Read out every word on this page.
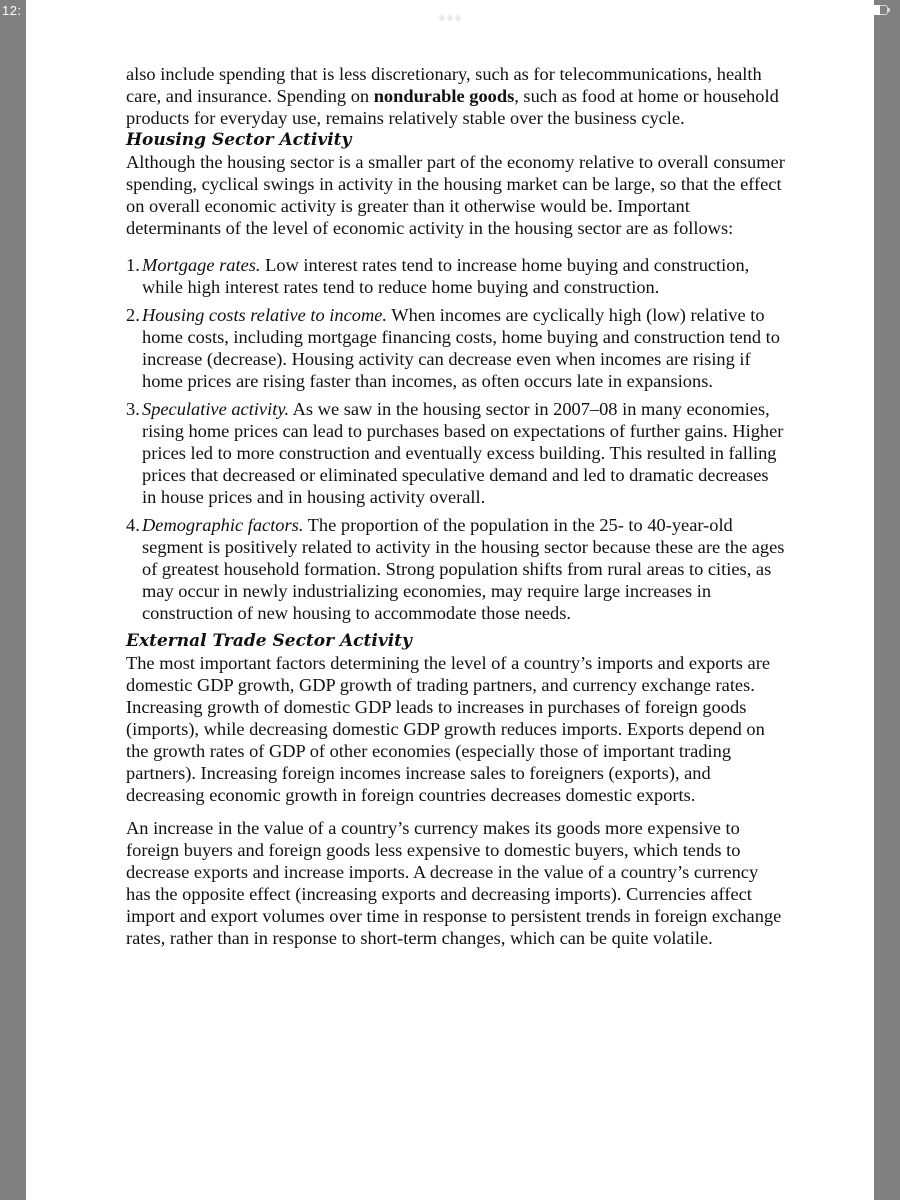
12:

also include spending that is less discretionary, such as for telecommunications, health care, and insurance. Spending on nondurable goods, such as food at home or household products for everyday use, remains relatively stable over the business cycle.

Housing Sector Activity

Although the housing sector is a smaller part of the economy relative to overall consumer spending, cyclical swings in activity in the housing market can be large, so that the effect on overall economic activity is greater than it otherwise would be. Important determinants of the level of economic activity in the housing sector are as follows:

1. Mortgage rates. Low interest rates tend to increase home buying and construction, while high interest rates tend to reduce home buying and construction.
2. Housing costs relative to income. When incomes are cyclically high (low) relative to home costs, including mortgage financing costs, home buying and construction tend to increase (decrease). Housing activity can decrease even when incomes are rising if home prices are rising faster than incomes, as often occurs late in expansions.
3. Speculative activity. As we saw in the housing sector in 2007–08 in many economies, rising home prices can lead to purchases based on expectations of further gains. Higher prices led to more construction and eventually excess building. This resulted in falling prices that decreased or eliminated speculative demand and led to dramatic decreases in house prices and in housing activity overall.
4. Demographic factors. The proportion of the population in the 25- to 40-year-old segment is positively related to activity in the housing sector because these are the ages of greatest household formation. Strong population shifts from rural areas to cities, as may occur in newly industrializing economies, may require large increases in construction of new housing to accommodate those needs.
External Trade Sector Activity

The most important factors determining the level of a country’s imports and exports are domestic GDP growth, GDP growth of trading partners, and currency exchange rates. Increasing growth of domestic GDP leads to increases in purchases of foreign goods (imports), while decreasing domestic GDP growth reduces imports. Exports depend on the growth rates of GDP of other economies (especially those of important trading partners). Increasing foreign incomes increase sales to foreigners (exports), and decreasing economic growth in foreign countries decreases domestic exports.

An increase in the value of a country’s currency makes its goods more expensive to foreign buyers and foreign goods less expensive to domestic buyers, which tends to decrease exports and increase imports. A decrease in the value of a country’s currency has the opposite effect (increasing exports and decreasing imports). Currencies affect import and export volumes over time in response to persistent trends in foreign exchange rates, rather than in response to short-term changes, which can be quite volatile.
